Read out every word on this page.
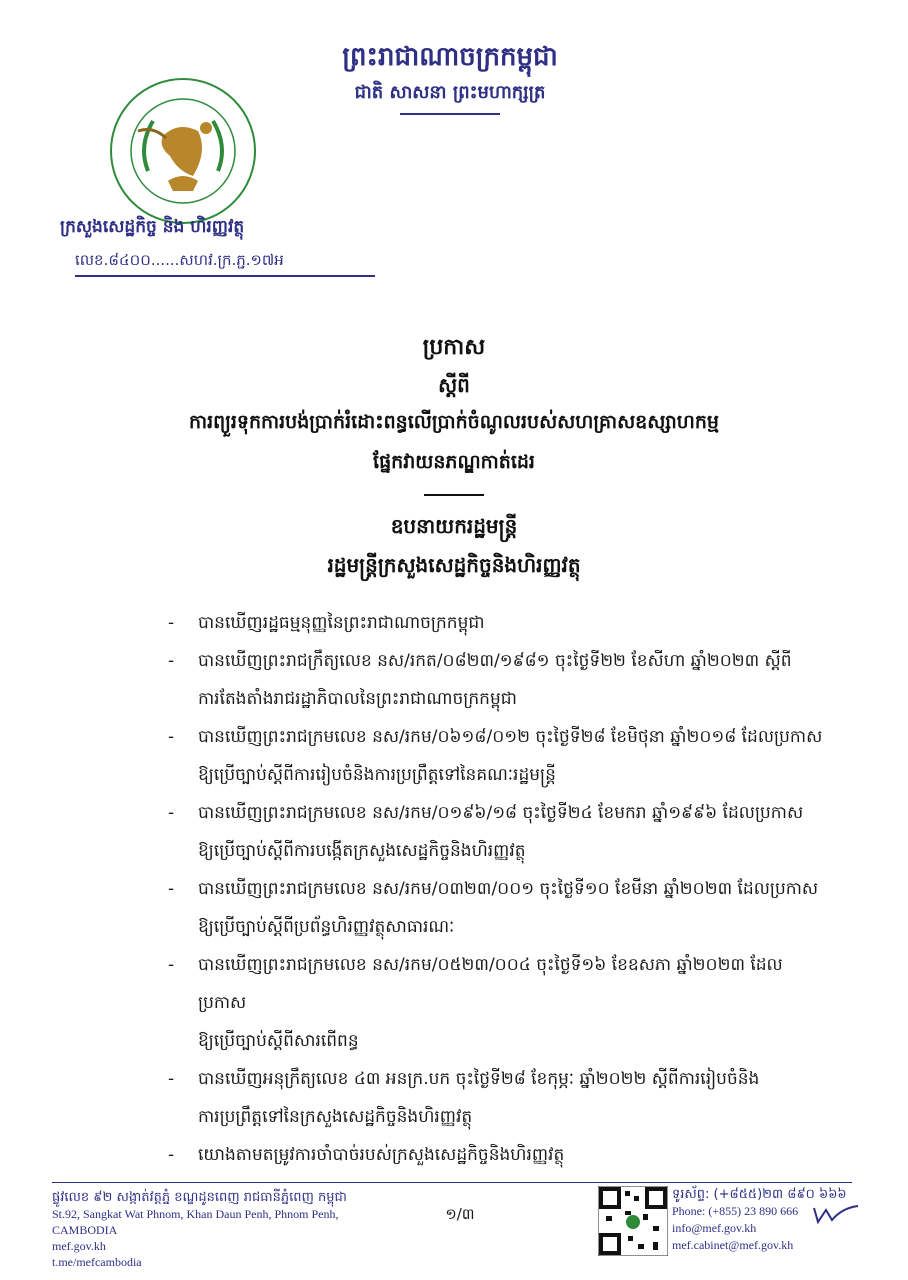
ព្រះរាជាណាចក្រកម្ពុជា
ជាតិ សាសនា ព្រះមហាក្សត្រ
ក្រសួងសេដ្ឋកិច្ច និង ហិរញ្ញវត្ថុ
លេខ.៨៤០០......សហវ.ក្រ.ភ្ជ.១៧អ
ប្រកាស
ស្តីពី
ការព្យួរទុកការបង់ប្រាក់រំដោះពន្ធលើប្រាក់ចំណូលរបស់សហគ្រាសឧស្សាហកម្ម
ផ្នែកវាយនភណ្ឌកាត់ដេរ
ឧបនាយករដ្ឋមន្ត្រី
រដ្ឋមន្ត្រីក្រសួងសេដ្ឋកិច្ចនិងហិរញ្ញវត្ថុ
- បានឃើញរដ្ឋធម្មនុញ្ញនៃព្រះរាជាណាចក្រកម្ពុជា
- បានឃើញព្រះរាជក្រឹត្យលេខ នស/រកត/០៨២៣/១៩៨១ ចុះថ្ងៃទី២២ ខែសីហា ឆ្នាំ២០២៣ ស្តីពី
ការតែងតាំងរាជរដ្ឋាភិបាលនៃព្រះរាជាណាចក្រកម្ពុជា
- បានឃើញព្រះរាជក្រមលេខ នស/រកម/០៦១៨/០១២ ចុះថ្ងៃទី២៨ ខែមិថុនា ឆ្នាំ២០១៨ ដែលប្រកាស
ឱ្យប្រើច្បាប់ស្តីពីការរៀបចំនិងការប្រព្រឹត្តទៅនៃគណៈរដ្ឋមន្ត្រី
- បានឃើញព្រះរាជក្រមលេខ នស/រកម/០១៩៦/១៨ ចុះថ្ងៃទី២៤ ខែមករា ឆ្នាំ១៩៩៦ ដែលប្រកាស
ឱ្យប្រើច្បាប់ស្តីពីការបង្កើតក្រសួងសេដ្ឋកិច្ចនិងហិរញ្ញវត្ថុ
- បានឃើញព្រះរាជក្រមលេខ នស/រកម/០៣២៣/០០១ ចុះថ្ងៃទី១០ ខែមីនា ឆ្នាំ២០២៣ ដែលប្រកាស
ឱ្យប្រើច្បាប់ស្តីពីប្រព័ន្ធហិរញ្ញវត្ថុសាធារណៈ
- បានឃើញព្រះរាជក្រមលេខ នស/រកម/០៥២៣/០០៤ ចុះថ្ងៃទី១៦ ខែឧសភា ឆ្នាំ២០២៣ ដែលប្រកាស
ឱ្យប្រើច្បាប់ស្តីពីសារពើពន្ធ
- បានឃើញអនុក្រឹត្យលេខ ៤៣ អនក្រ.បក ចុះថ្ងៃទី២៨ ខែកុម្ភៈ ឆ្នាំ២០២២ ស្តីពីការរៀបចំនិង
ការប្រព្រឹត្តទៅនៃក្រសួងសេដ្ឋកិច្ចនិងហិរញ្ញវត្ថុ
- យោងតាមតម្រូវការចាំបាច់របស់ក្រសួងសេដ្ឋកិច្ចនិងហិរញ្ញវត្ថុ
ផ្លូវលេខ ៩២ សង្កាត់វត្តភ្នំ ខណ្ឌដូនពេញ រាជធានីភ្នំពេញ កម្ពុជា
St.92, Sangkat Wat Phnom, Khan Daun Penh, Phnom Penh, CAMBODIA
mef.gov.kh
t.me/mefcambodia
១/៣
ទូរស័ព្ទ: (+៨៥៥)២៣ ៨៩០ ៦៦៦
Phone: (+855) 23 890 666
info@mef.gov.kh
mef.cabinet@mef.gov.kh
